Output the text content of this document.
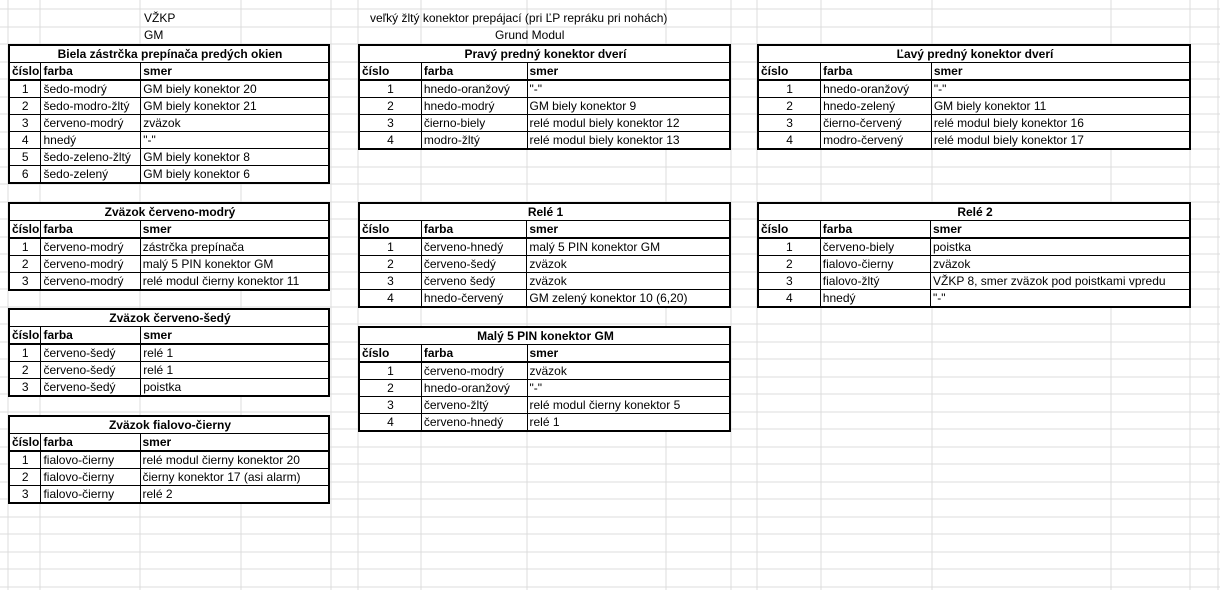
VŽKP
GM
veľký žltý konektor prepájací (pri ĽP repráku pri nohách)
Grund Modul
Biela zástrčka prepínača predých okien		
číslo	farba	smer
1	šedo-modrý	GM biely konektor 20
2	šedo-modro-žltý	GM biely konektor 21
3	červeno-modrý	zväzok
4	hnedý	"-"
5	šedo-zeleno-žltý	GM biely konektor 8
6	šedo-zelený	GM biely konektor 6
Pravý predný konektor dverí		
číslo	farba	smer
1	hnedo-oranžový	"-"
2	hnedo-modrý	GM biely konektor 9
3	čierno-biely	relé modul biely konektor 12
4	modro-žltý	relé modul biely konektor 13
Ľavý predný konektor dverí		
číslo	farba	smer
1	hnedo-oranžový	"-"
2	hnedo-zelený	GM biely konektor 11
3	čierno-červený	relé modul biely konektor 16
4	modro-červený	relé modul biely konektor 17
Zväzok červeno-modrý		
číslo	farba	smer
1	červeno-modrý	zástrčka prepínača
2	červeno-modrý	malý 5 PIN konektor GM
3	červeno-modrý	relé modul čierny konektor 11
Relé 1		
číslo	farba	smer
1	červeno-hnedý	malý 5 PIN konektor GM
2	červeno-šedý	zväzok
3	červeno šedý	zväzok
4	hnedo-červený	GM zelený konektor 10 (6,20)
Relé 2		
číslo	farba	smer
1	červeno-biely	poistka
2	fialovo-čierny	zväzok
3	fialovo-žltý	VŽKP 8, smer zväzok pod poistkami vpredu
4	hnedý	"-"
Zväzok červeno-šedý		
číslo	farba	smer
1	červeno-šedý	relé 1
2	červeno-šedý	relé 1
3	červeno-šedý	poistka
Malý 5 PIN konektor GM		
číslo	farba	smer
1	červeno-modrý	zväzok
2	hnedo-oranžový	"-"
3	červeno-žltý	relé modul čierny konektor 5
4	červeno-hnedý	relé 1
Zväzok fialovo-čierny		
číslo	farba	smer
1	fialovo-čierny	relé modul čierny konektor 20
2	fialovo-čierny	čierny konektor 17 (asi alarm)
3	fialovo-čierny	relé 2
